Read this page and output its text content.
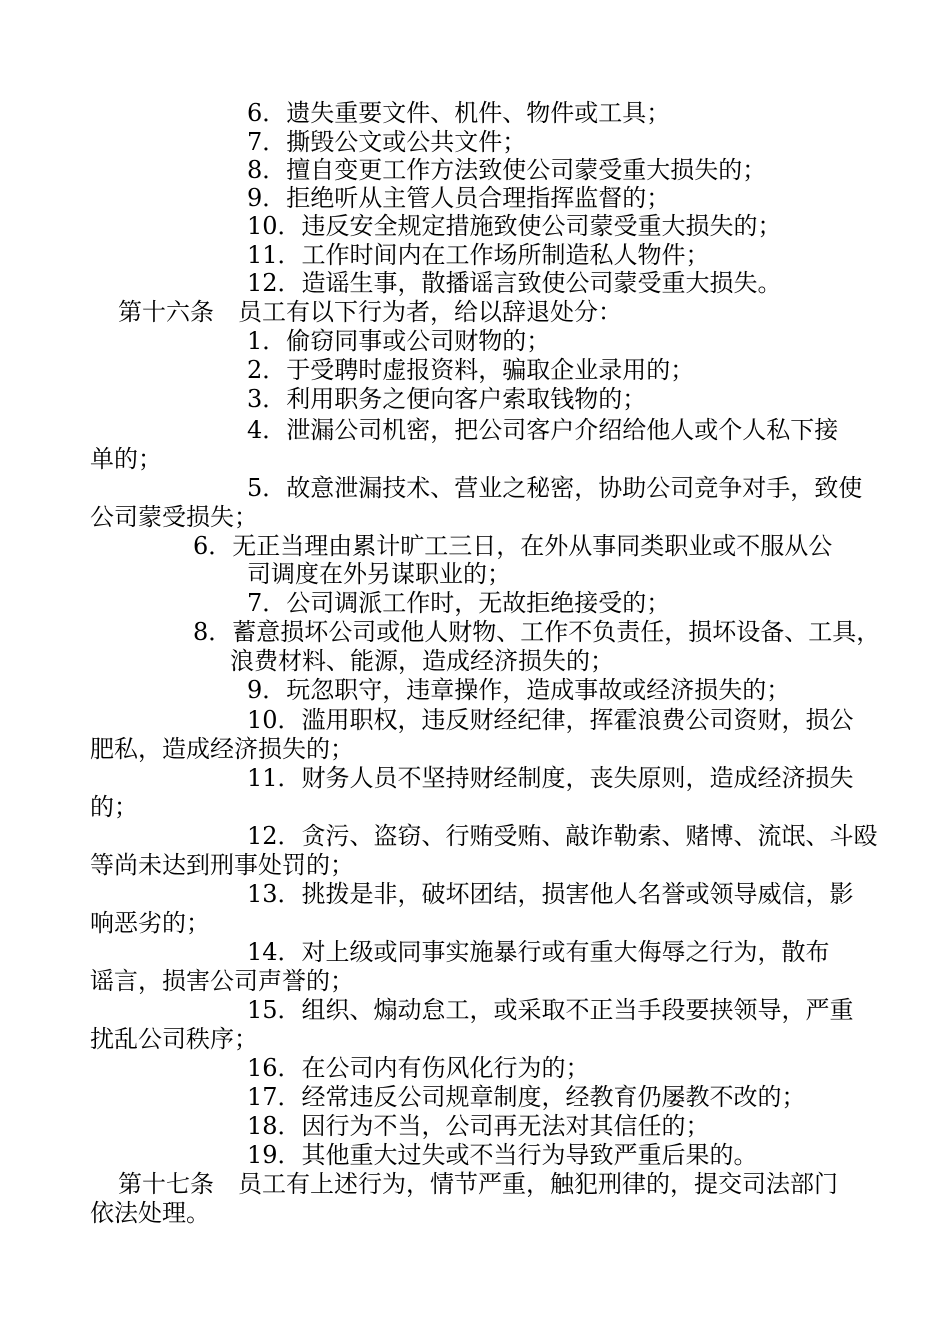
6．遗失重要文件、机件、物件或工具；
7．撕毁公文或公共文件；
8．擅自变更工作方法致使公司蒙受重大损失的；
9．拒绝听从主管人员合理指挥监督的；
10．违反安全规定措施致使公司蒙受重大损失的；
11．工作时间内在工作场所制造私人物件；
12．造谣生事，散播谣言致使公司蒙受重大损失。
第十六条　员工有以下行为者，给以辞退处分：
1．偷窃同事或公司财物的；
2．于受聘时虚报资料，骗取企业录用的；
3．利用职务之便向客户索取钱物的；
4．泄漏公司机密，把公司客户介绍给他人或个人私下接
单的；
5．故意泄漏技术、营业之秘密，协助公司竞争对手，致使
公司蒙受损失；
6．无正当理由累计旷工三日，在外从事同类职业或不服从公
司调度在外另谋职业的；
7．公司调派工作时，无故拒绝接受的；
8．蓄意损坏公司或他人财物、工作不负责任，损坏设备、工具，
浪费材料、能源，造成经济损失的；
9．玩忽职守，违章操作，造成事故或经济损失的；
10．滥用职权，违反财经纪律，挥霍浪费公司资财，损公
肥私，造成经济损失的；
11．财务人员不坚持财经制度，丧失原则，造成经济损失
的；
12．贪污、盗窃、行贿受贿、敲诈勒索、赌博、流氓、斗殴
等尚未达到刑事处罚的；
13．挑拨是非，破坏团结，损害他人名誉或领导威信，影
响恶劣的；
14．对上级或同事实施暴行或有重大侮辱之行为，散布
谣言，损害公司声誉的；
15．组织、煽动怠工，或采取不正当手段要挟领导，严重
扰乱公司秩序；
16．在公司内有伤风化行为的；
17．经常违反公司规章制度，经教育仍屡教不改的；
18．因行为不当，公司再无法对其信任的；
19．其他重大过失或不当行为导致严重后果的。
第十七条　员工有上述行为，情节严重，触犯刑律的，提交司法部门
依法处理。
